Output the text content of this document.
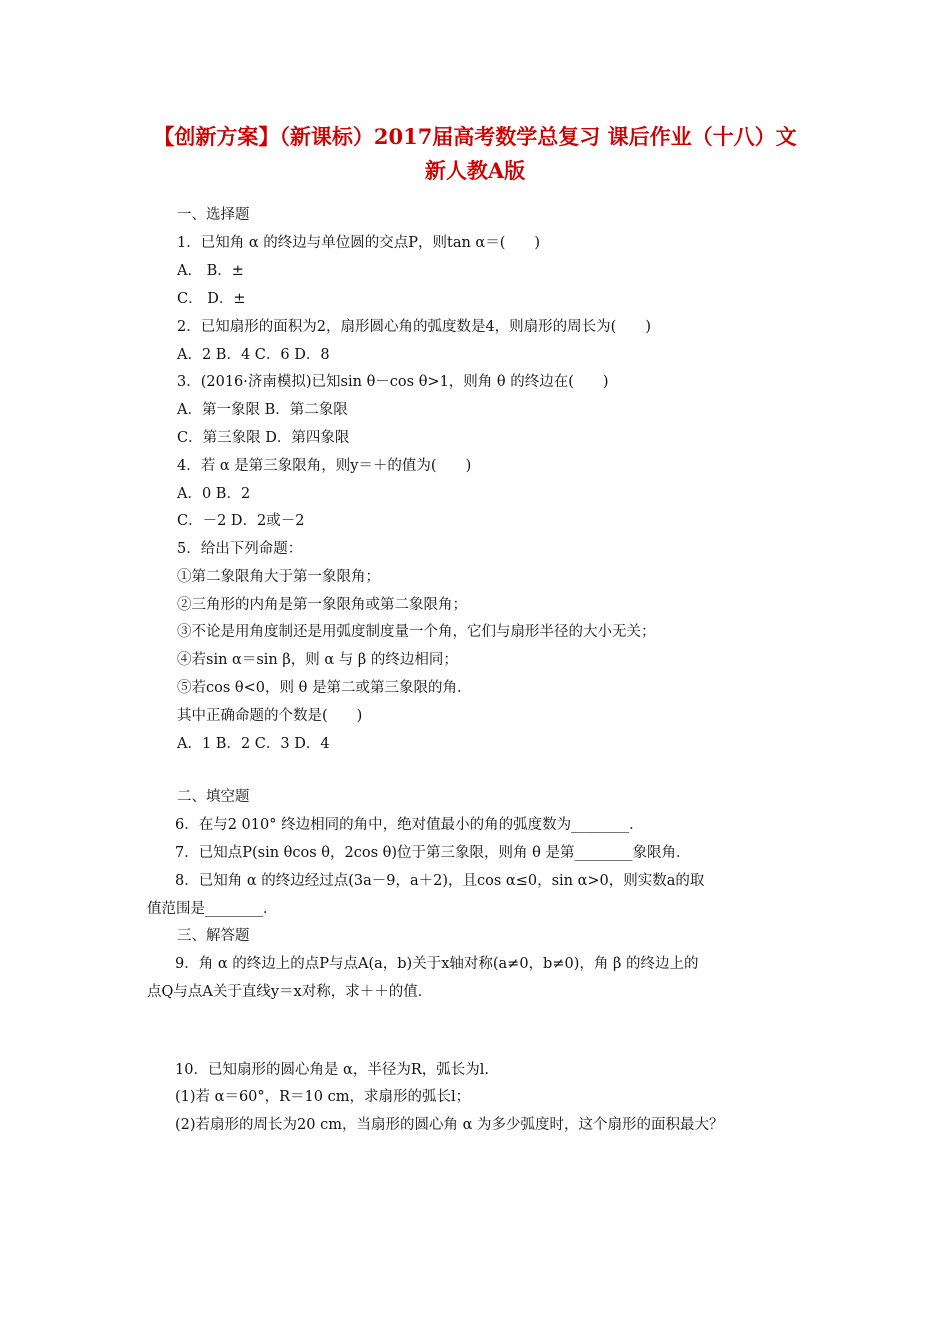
【创新方案】（新课标）2017届高考数学总复习 课后作业（十八）文 新人教A版
一、选择题
1．已知角 α 的终边与单位圆的交点P，则tan α＝(　　)
A． B．±
C． D．±
2．已知扇形的面积为2，扇形圆心角的弧度数是4，则扇形的周长为(　　)
A．2 B．4 C．6 D．8
3．(2016·济南模拟)已知sin θ－cos θ>1，则角 θ 的终边在(　　)
A．第一象限 B．第二象限
C．第三象限 D．第四象限
4．若 α 是第三象限角，则y＝＋的值为(　　)
A．0 B．2
C．－2 D．2或－2
5．给出下列命题：
①第二象限角大于第一象限角；
②三角形的内角是第一象限角或第二象限角；
③不论是用角度制还是用弧度制度量一个角，它们与扇形半径的大小无关；
④若sin α＝sin β，则 α 与 β 的终边相同；
⑤若cos θ<0，则 θ 是第二或第三象限的角．
其中正确命题的个数是(　　)
A．1 B．2 C．3 D．4
二、填空题
6．在与2 010° 终边相同的角中，绝对值最小的角的弧度数为________．
7．已知点P(sin θcos θ，2cos θ)位于第三象限，则角 θ 是第________象限角．
8．已知角 α 的终边经过点(3a－9，a＋2)，且cos α≤0，sin α>0，则实数a的取
值范围是________．
三、解答题
9．角 α 的终边上的点P与点A(a，b)关于x轴对称(a≠0，b≠0)，角 β 的终边上的
点Q与点A关于直线y＝x对称，求＋＋的值．
10．已知扇形的圆心角是 α，半径为R，弧长为l.
(1)若 α＝60°，R＝10 cm，求扇形的弧长l；
(2)若扇形的周长为20 cm，当扇形的圆心角 α 为多少弧度时，这个扇形的面积最大？
